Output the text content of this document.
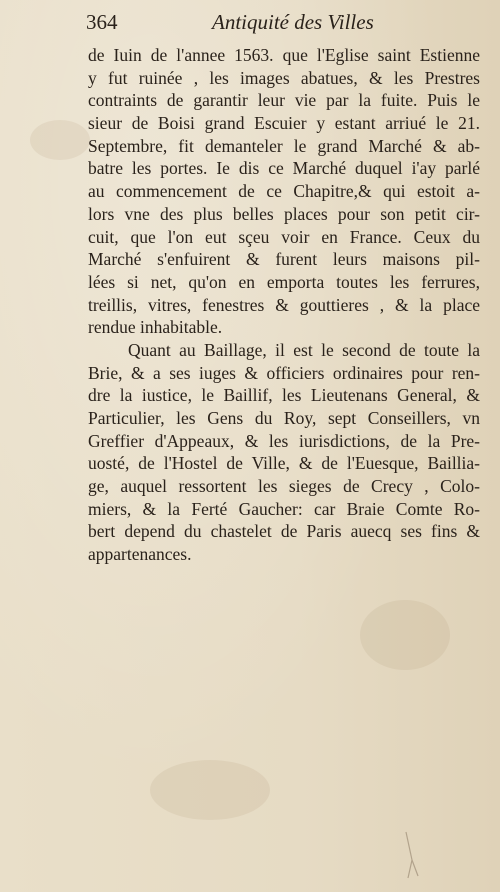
364	Antiquité des Villes
de Iuin de l'annee 1563. que l'Eglise saint Estienne
y fut ruinée , les images abatues, & les Prestres
contraints de garantir leur vie par la fuite. Puis le
sieur de Boisi grand Escuier y estant arriué le 21.
Septembre, fit demanteler le grand Marché & ab-
batre les portes. Ie dis ce Marché duquel i'ay parlé
au commencement de ce Chapitre,& qui estoit a-
lors vne des plus belles places pour son petit cir-
cuit, que l'on eut sçeu voir en France. Ceux du
Marché s'enfuirent & furent leurs maisons pil-
lées si net, qu'on en emporta toutes les ferrures,
treillis, vitres, fenestres & gouttieres , & la place
rendue inhabitable.
Quant au Baillage, il est le second de toute la
Brie, & a ses iuges & officiers ordinaires pour ren-
dre la iustice, le Baillif, les Lieutenans General, &
Particulier, les Gens du Roy, sept Conseillers, vn
Greffier d'Appeaux, & les iurisdictions, de la Pre-
uosté, de l'Hostel de Ville, & de l'Euesque, Baillia-
ge, auquel ressortent les sieges de Crecy , Colo-
miers, & la Ferté Gaucher: car Braie Comte Ro-
bert depend du chastelet de Paris auecq ses fins &
appartenances.
